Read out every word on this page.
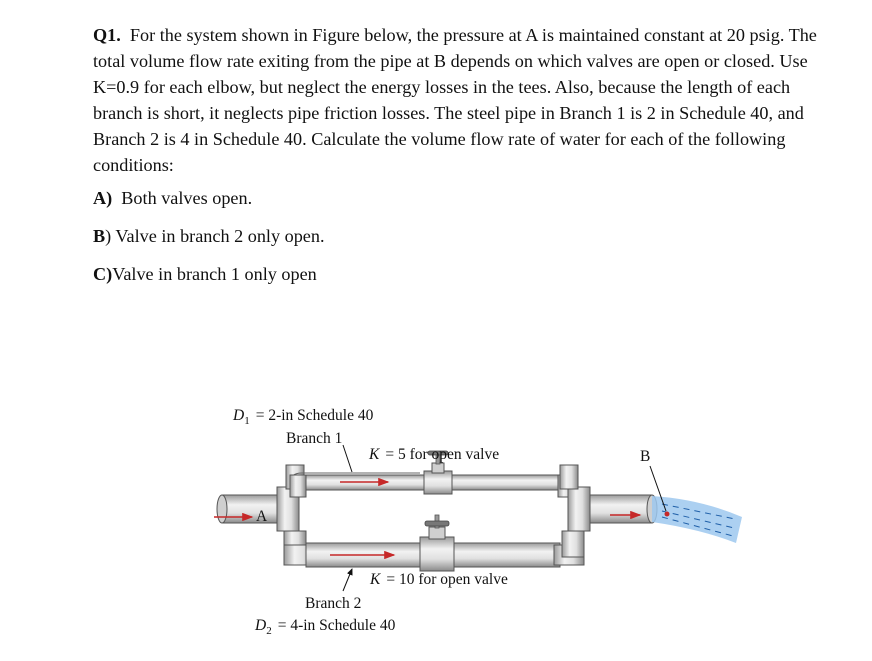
Q1. For the system shown in Figure below, the pressure at A is maintained constant at 20 psig. The total volume flow rate exiting from the pipe at B depends on which valves are open or closed. Use K=0.9 for each elbow, but neglect the energy losses in the tees. Also, because the length of each branch is short, it neglects pipe friction losses. The steel pipe in Branch 1 is 2 in Schedule 40, and Branch 2 is 4 in Schedule 40. Calculate the volume flow rate of water for each of the following conditions:

A) Both valves open.

B) Valve in branch 2 only open.

C)Valve in branch 1 only open

$D_1 = 2-in$ Schedule 40
Branch 1
K = 5 for open valve	B
A
K = 10 for open valve
Branch 2
$D_2 = 4-in$ Schedule 40
